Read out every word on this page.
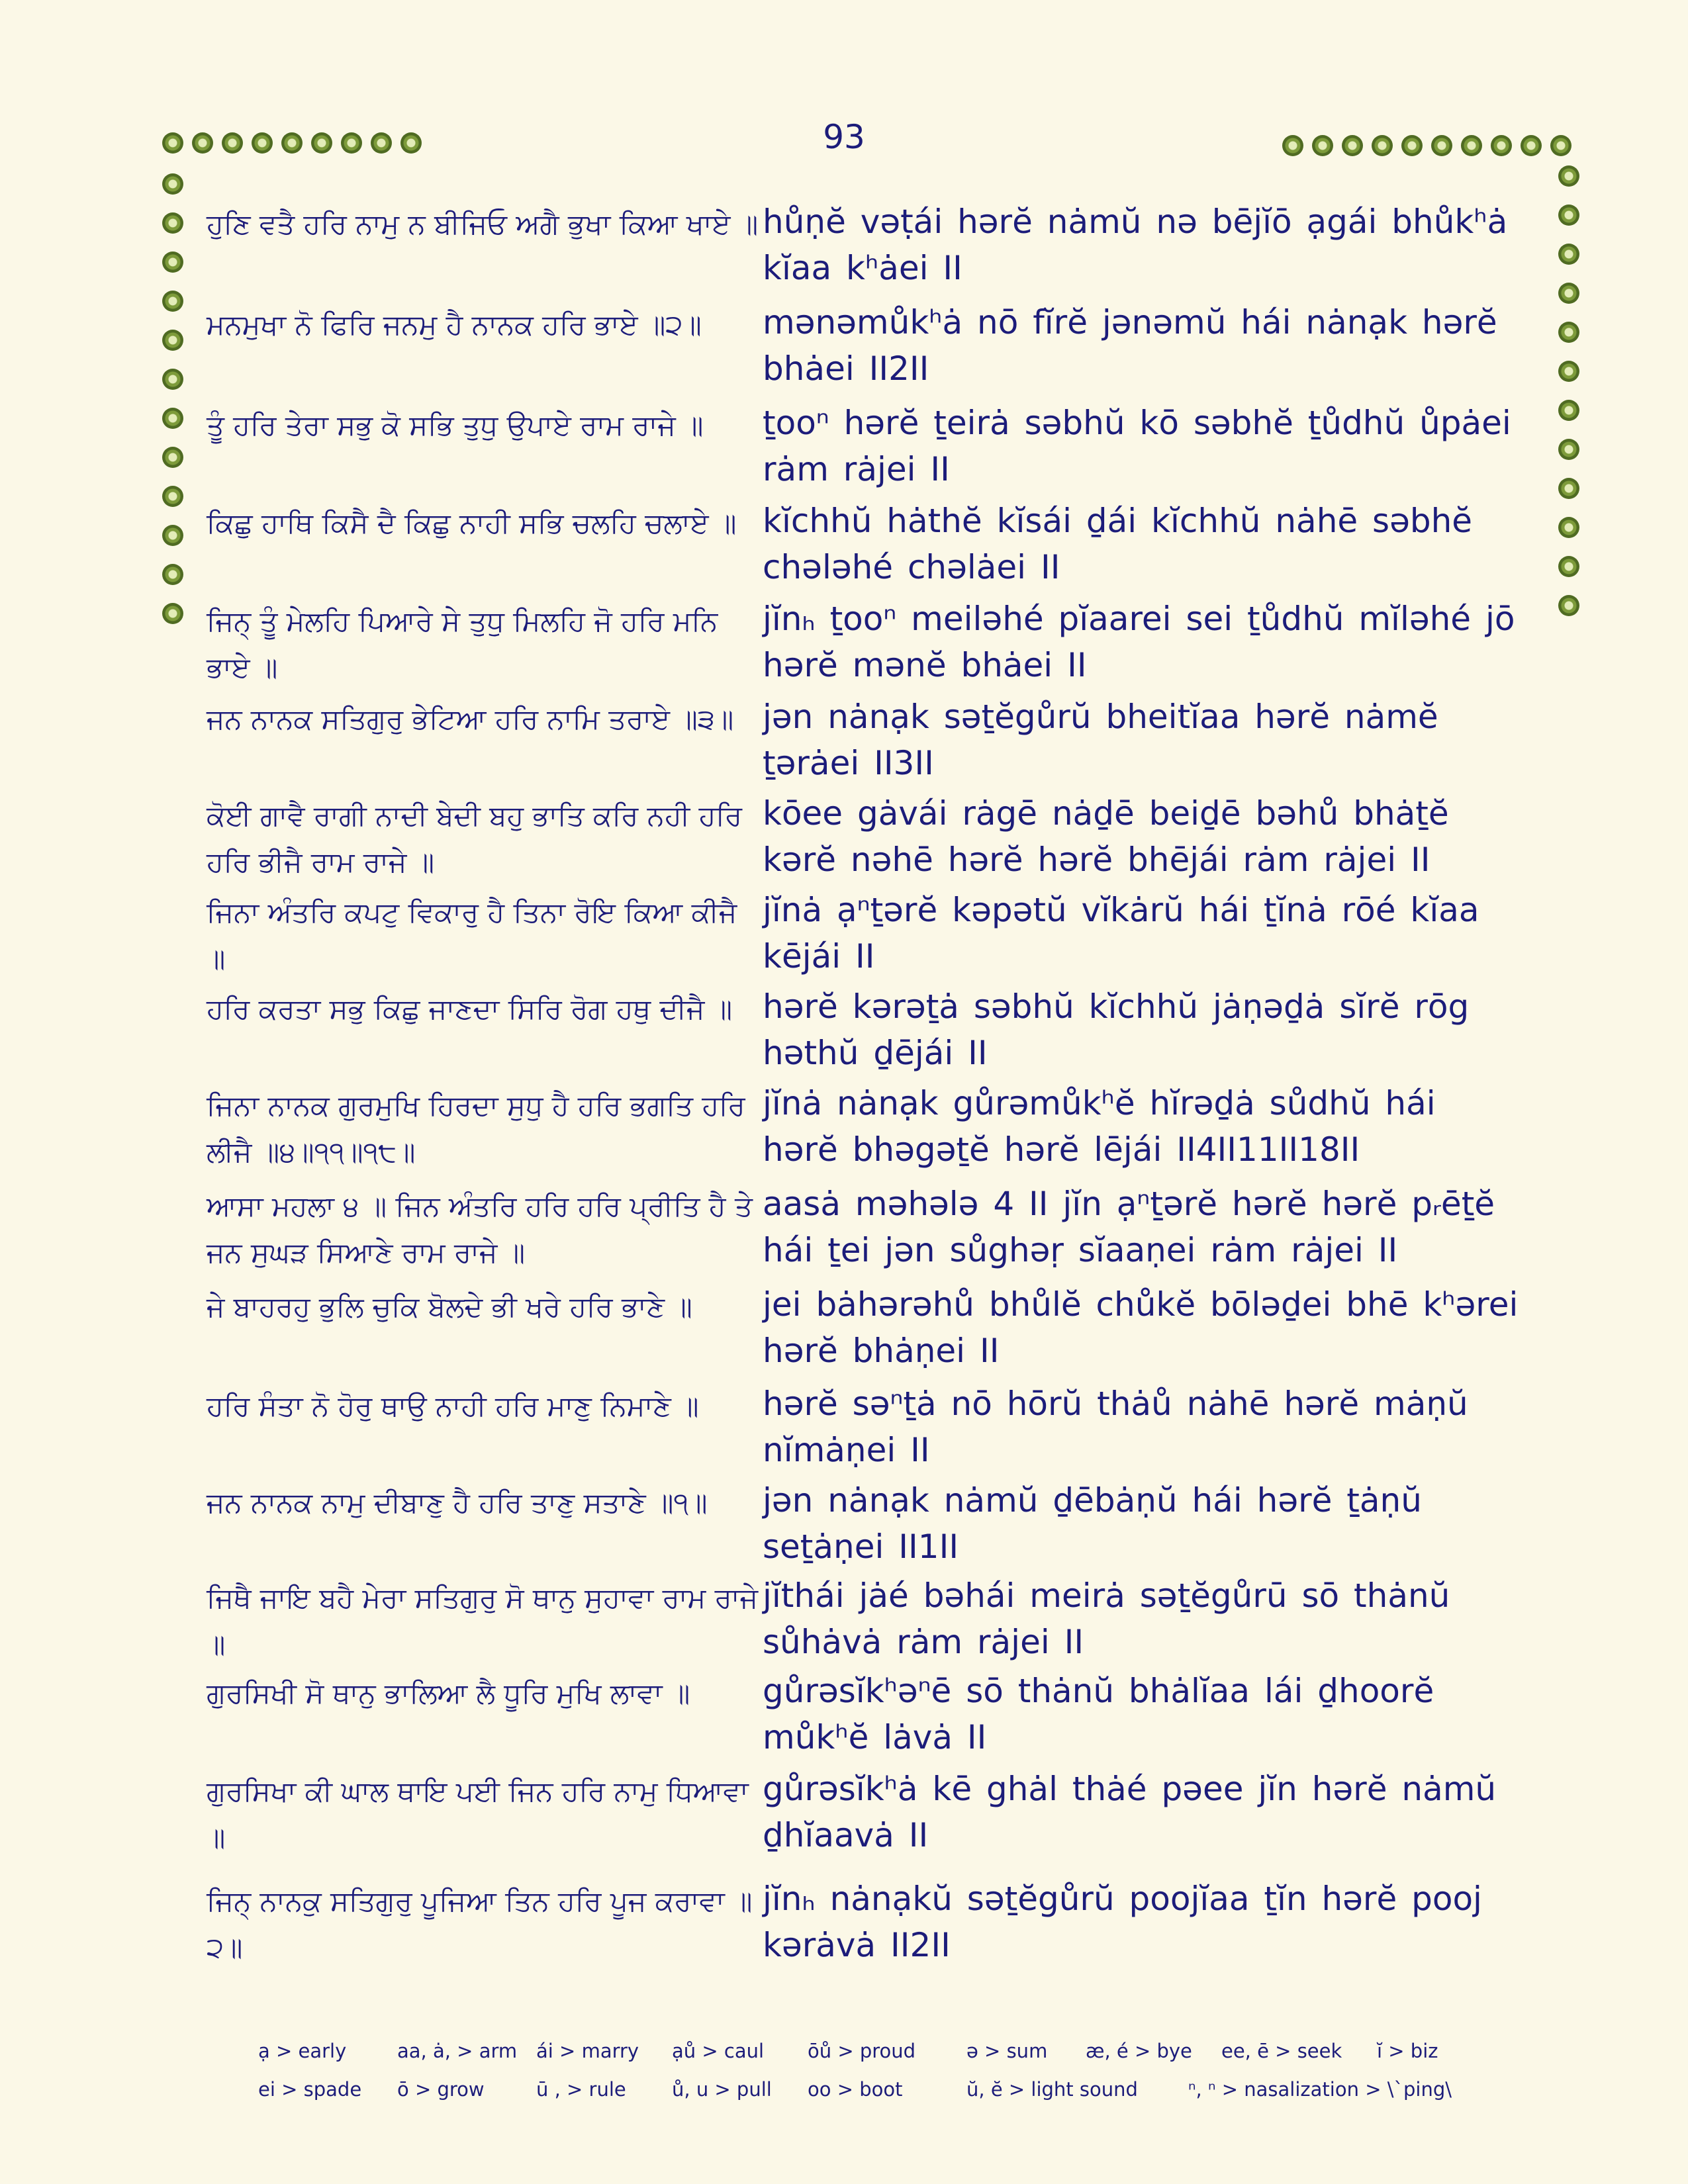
93
ਹੁਣਿ ਵਤੈ ਹਰਿ ਨਾਮੁ ਨ ਬੀਜਿਓ ਅਗੈ ਭੁਖਾ ਕਿਆ ਖਾਏ ॥ hůṇĕ vəṭái hərĕ nȧmŭ nə bējĭō ạgái bhůkʰȧ kĭaa kʰȧei II
ਮਨਮੁਖਾ ਨੋ ਫਿਰਿ ਜਨਮੁ ਹੈ ਨਾਨਕ ਹਰਿ ਭਾਏ ॥੨॥	mənəmůkʰȧ nō fĭrĕ jənəmŭ hái nȧnạk hərĕ bhȧei II2II
ਤੂੰ ਹਰਿ ਤੇਰਾ ਸਭੁ ਕੋ ਸਭਿ ਤੁਧੁ ਉਪਾਏ ਰਾਮ ਰਾਜੇ ॥	ṯooⁿ hərĕ ṯeirȧ səbhŭ kō səbhĕ ṯůdhŭ ůpȧei rȧm rȧjei II
ਕਿਛੁ ਹਾਥਿ ਕਿਸੈ ਦੈ ਕਿਛੁ ਨਾਹੀ ਸਭਿ ਚਲਹਿ ਚਲਾਏ ॥ kĭchhŭ hȧthĕ kĭsái ḏái kĭchhŭ nȧhē səbhĕ chələhé chəlȧei II
ਜਿਨ੍ ਤੂੰ ਮੇਲਹਿ ਪਿਆਰੇ ਸੇ ਤੁਧੁ ਮਿਲਹਿ ਜੋ ਹਰਿ ਮਨਿ ਭਾਏ ॥
jĭnₕ ṯooⁿ meiləhé pĭaarei sei ṯůdhŭ mĭləhé jō hərĕ mənĕ bhȧei II
ਜਨ ਨਾਨਕ ਸਤਿਗੁਰੁ ਭੇਟਿਆ ਹਰਿ ਨਾਮਿ ਤਰਾਏ ॥੩॥ jən nȧnạk səṯĕgůrŭ bheitĭaa hərĕ nȧmĕ ṯərȧei II3II
ਕੋਈ ਗਾਵੈ ਰਾਗੀ ਨਾਦੀ ਬੇਦੀ ਬਹੁ ਭਾਤਿ ਕਰਿ ਨਹੀ ਹਰਿ ਹਰਿ ਭੀਜੈ ਰਾਮ ਰਾਜੇ ॥
kōee gȧvái rȧgē nȧḏē beiḏē bəhů bhȧṯĕ kərĕ nəhē hərĕ hərĕ bhējái rȧm rȧjei II
ਜਿਨਾ ਅੰਤਰਿ ਕਪਟੁ ਵਿਕਾਰੁ ਹੈ ਤਿਨਾ ਰੋਇ ਕਿਆ ਕੀਜੈ ॥
jĭnȧ ạⁿṯərĕ kəpətŭ vĭkȧrŭ hái ṯĭnȧ rōé kĭaa kējái II
ਹਰਿ ਕਰਤਾ ਸਭੁ ਕਿਛੁ ਜਾਣਦਾ ਸਿਰਿ ਰੋਗ ਹਥੁ ਦੀਜੈ ॥ hərĕ kərəṯȧ səbhŭ kĭchhŭ jȧṇəḏȧ sĭrĕ rōg həthŭ ḏējái II
ਜਿਨਾ ਨਾਨਕ ਗੁਰਮੁਖਿ ਹਿਰਦਾ ਸੁਧੁ ਹੈ ਹਰਿ ਭਗਤਿ ਹਰਿ ਲੀਜੈ ॥੪॥੧੧॥੧੮॥
jĭnȧ nȧnạk gůrəmůkʰĕ hĭrəḏȧ sůdhŭ hái hərĕ bhəgəṯĕ hərĕ lējái II4II11II18II
ਆਸਾ ਮਹਲਾ ੪ ॥ ਜਿਨ ਅੰਤਰਿ ਹਰਿ ਹਰਿ ਪ੍ਰੀਤਿ ਹੈ ਤੇ ਜਨ ਸੁਘੜ ਸਿਆਣੇ ਰਾਮ ਰਾਜੇ ॥
aasȧ məhələ 4 II jĭn ạⁿṯərĕ hərĕ hərĕ pᵣēṯĕ hái ṯei jən sůghəṛ sĭaaṇei rȧm rȧjei II
ਜੇ ਬਾਹਰਹੁ ਭੁਲਿ ਚੁਕਿ ਬੋਲਦੇ ਭੀ ਖਰੇ ਹਰਿ ਭਾਣੇ ॥	jei bȧhərəhů bhůlĕ chůkĕ bōləḏei bhē kʰərei hərĕ bhȧṇei II
ਹਰਿ ਸੰਤਾ ਨੋ ਹੋਰੁ ਥਾਉ ਨਾਹੀ ਹਰਿ ਮਾਣੁ ਨਿਮਾਣੇ ॥	hərĕ səⁿṯȧ nō hōrŭ thȧů nȧhē hərĕ mȧṇŭ nĭmȧṇei II
ਜਨ ਨਾਨਕ ਨਾਮੁ ਦੀਬਾਣੁ ਹੈ ਹਰਿ ਤਾਣੁ ਸਤਾਣੇ ॥੧॥	jən nȧnạk nȧmŭ ḏēbȧṇŭ hái hərĕ ṯȧṇŭ seṯȧṇei II1II
ਜਿਥੈ ਜਾਇ ਬਹੈ ਮੇਰਾ ਸਤਿਗੁਰੁ ਸੋ ਥਾਨੁ ਸੁਹਾਵਾ ਰਾਮ ਰਾਜੇ ॥
jĭthái jȧé bəhái meirȧ səṯĕgůrū sō thȧnŭ sůhȧvȧ rȧm rȧjei II
ਗੁਰਸਿਖੀ ਸੋ ਥਾਨੁ ਭਾਲਿਆ ਲੈ ਧੂਰਿ ਮੁਖਿ ਲਾਵਾ ॥	gůrəsĭkʰəⁿē sō thȧnŭ bhȧlĭaa lái ḏhoorĕ můkʰĕ lȧvȧ II
ਗੁਰਸਿਖਾ ਕੀ ਘਾਲ ਥਾਇ ਪਈ ਜਿਨ ਹਰਿ ਨਾਮੁ ਧਿਆਵਾ ॥
gůrəsĭkʰȧ kē ghȧl thȧé pəee jĭn hərĕ nȧmŭ ḏhĭaavȧ II
ਜਿਨ੍ ਨਾਨਕੁ ਸਤਿਗੁਰੁ ਪੂਜਿਆ ਤਿਨ ਹਰਿ ਪੂਜ ਕਰਾਵਾ ॥੨॥
jĭnₕ nȧnạkŭ səṯĕgůrŭ poojĭaa ṯĭn hərĕ pooj kərȧvȧ II2II
ạ > early	aa, ȧ, > arm ái > marry	ạů > caul	ōů > proud	ə > sum	æ, é > bye	ee, ē > seek	ĭ > biz
ei > spade	ō > grow	ū , > rule	ů, u > pull	oo > boot	ŭ, ĕ > light sound	ⁿ, ⁿ > nasalization > \`ping\
